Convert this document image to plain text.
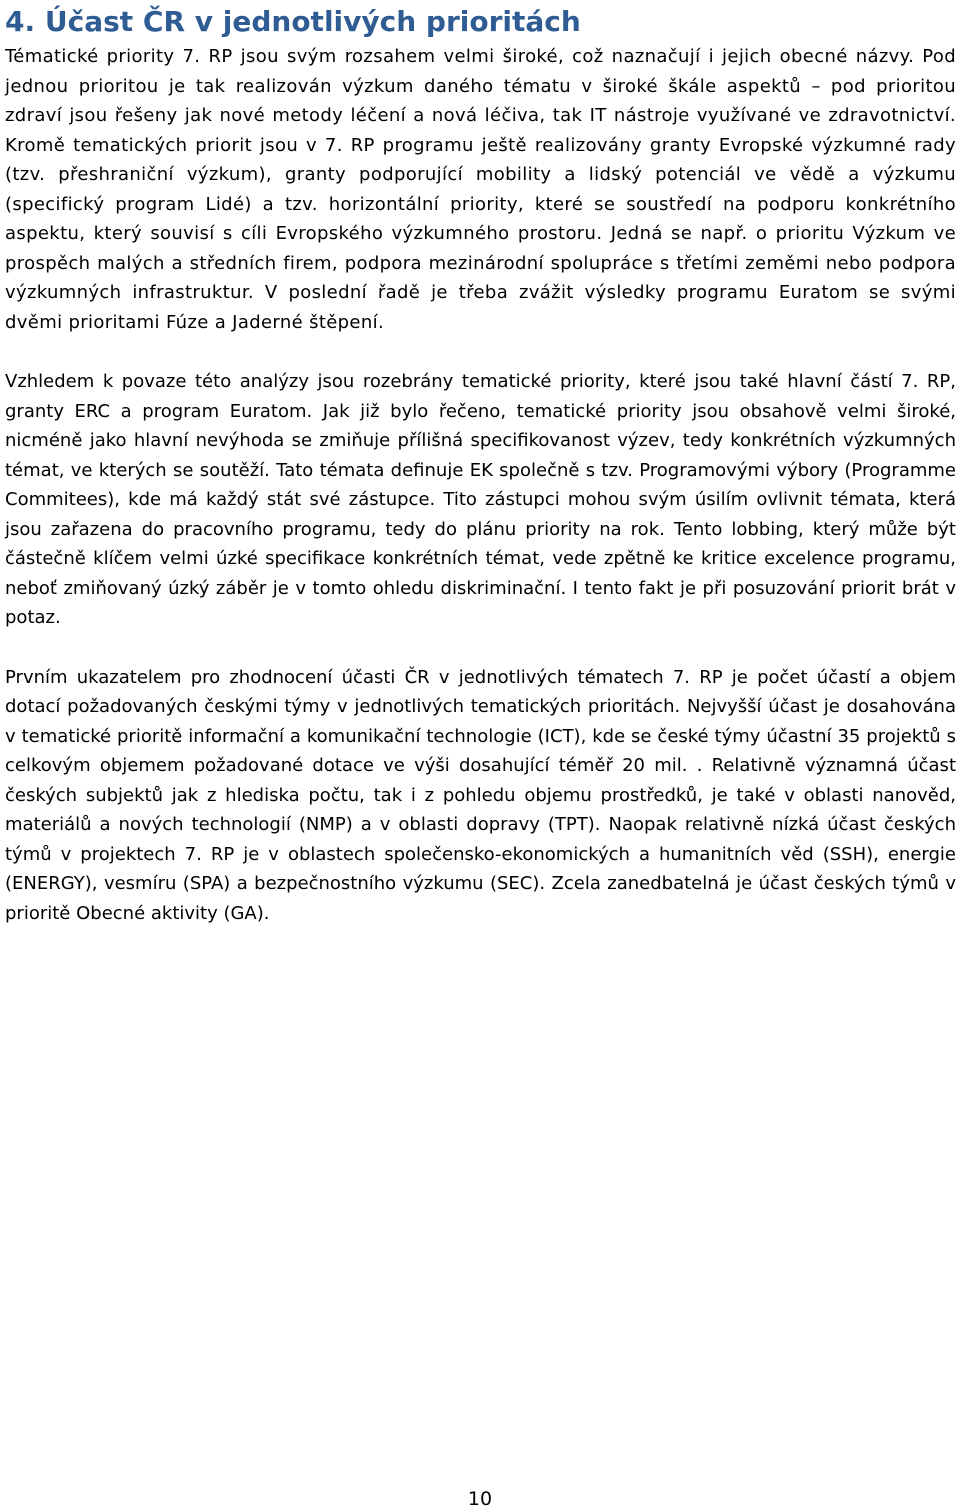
4. Účast ČR v jednotlivých prioritách

Tématické priority 7. RP jsou svým rozsahem velmi široké, což naznačují i jejich obecné názvy. Pod jednou prioritou je tak realizován výzkum daného tématu v široké škále aspektů – pod prioritou zdraví jsou řešeny jak nové metody léčení a nová léčiva, tak IT nástroje využívané ve zdravotnictví. Kromě tematických priorit jsou v 7. RP programu ještě realizovány granty Evropské výzkumné rady (tzv. přeshraniční výzkum), granty podporující mobility a lidský potenciál ve vědě a výzkumu (specifický program Lidé) a tzv. horizontální priority, které se soustředí na podporu konkrétního aspektu, který souvisí s cíli Evropského výzkumného prostoru. Jedná se např. o prioritu Výzkum ve prospěch malých a středních firem, podpora mezinárodní spolupráce s třetími zeměmi nebo podpora výzkumných infrastruktur. V poslední řadě je třeba zvážit výsledky programu Euratom se svými dvěmi prioritami Fúze a Jaderné štěpení.

Vzhledem k povaze této analýzy jsou rozebrány tematické priority, které jsou také hlavní částí 7. RP, granty ERC a program Euratom. Jak již bylo řečeno, tematické priority jsou obsahově velmi široké, nicméně jako hlavní nevýhoda se zmiňuje přílišná specifikovanost výzev, tedy konkrétních výzkumných témat, ve kterých se soutěží. Tato témata definuje EK společně s tzv. Programovými výbory (Programme Commitees), kde má každý stát své zástupce. Tito zástupci mohou svým úsilím ovlivnit témata, která jsou zařazena do pracovního programu, tedy do plánu priority na rok. Tento lobbing, který může být částečně klíčem velmi úzké specifikace konkrétních témat, vede zpětně ke kritice excelence programu, neboť zmiňovaný úzký záběr je v tomto ohledu diskriminační. I tento fakt je při posuzování priorit brát v potaz.

Prvním ukazatelem pro zhodnocení účasti ČR v jednotlivých tématech 7. RP je počet účastí a objem dotací požadovaných českými týmy v jednotlivých tematických prioritách. Nejvyšší účast je dosahována v tematické prioritě informační a komunikační technologie (ICT), kde se české týmy účastní 35 projektů s celkovým objemem požadované dotace ve výši dosahující téměř 20 mil. . Relativně významná účast českých subjektů jak z hlediska počtu, tak i z pohledu objemu prostředků, je také v oblasti nanověd, materiálů a nových technologií (NMP) a v oblasti dopravy (TPT). Naopak relativně nízká účast českých týmů v projektech 7. RP je v oblastech společensko-ekonomických a humanitních věd (SSH), energie (ENERGY), vesmíru (SPA) a bezpečnostního výzkumu (SEC). Zcela zanedbatelná je účast českých týmů v prioritě Obecné aktivity (GA).

10
